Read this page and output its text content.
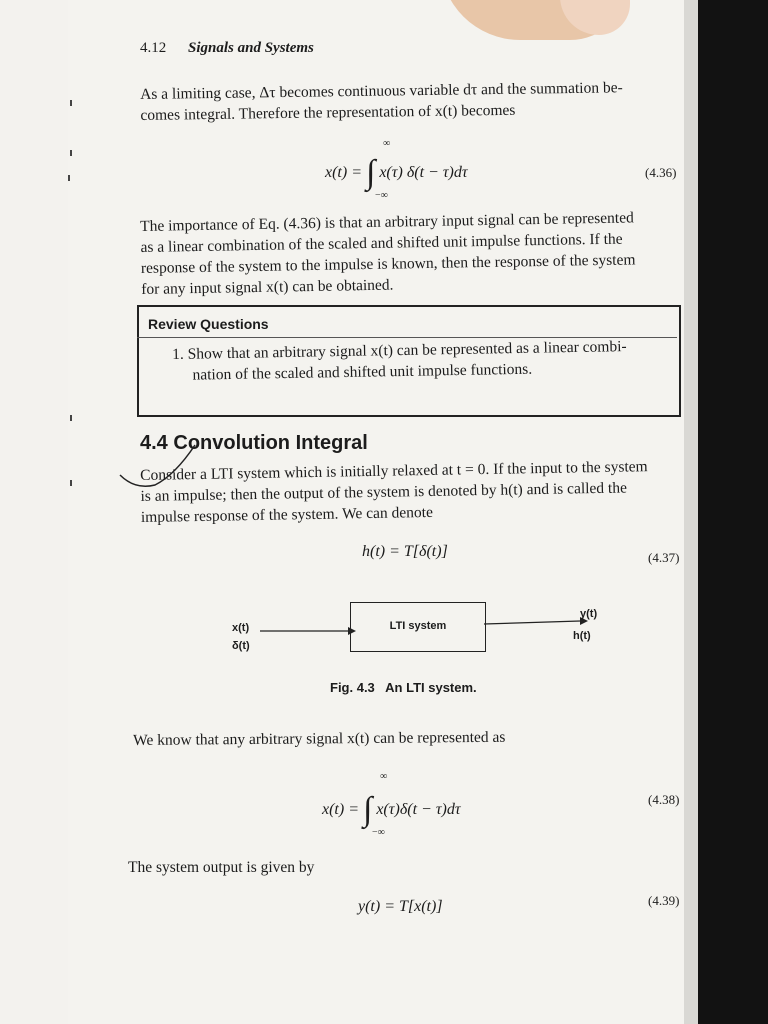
4.12 Signals and Systems
As a limiting case, Δτ becomes continuous variable dτ and the summation be-
comes integral. Therefore the representation of x(t) becomes
x(t) = ∫ x(τ) δ(t − τ)dτ
∞
−∞
(4.36)
The importance of Eq. (4.36) is that an arbitrary input signal can be represented
as a linear combination of the scaled and shifted unit impulse functions. If the
response of the system to the impulse is known, then the response of the system
for any input signal x(t) can be obtained.
Review Questions
1. Show that an arbitrary signal x(t) can be represented as a linear combi-
nation of the scaled and shifted unit impulse functions.
4.4 Convolution Integral
Consider a LTI system which is initially relaxed at t = 0. If the input to the system
is an impulse; then the output of the system is denoted by h(t) and is called the
impulse response of the system. We can denote
h(t) = T[δ(t)]	(4.37)
LTI system
x(t)
δ(t)
y(t)
h(t)
Fig. 4.3 An LTI system.
We know that any arbitrary signal x(t) can be represented as
x(t) = ∫ x(τ)δ(t − τ)dτ
∞
−∞
(4.38)
The system output is given by
y(t) = T[x(t)]	(4.39)
